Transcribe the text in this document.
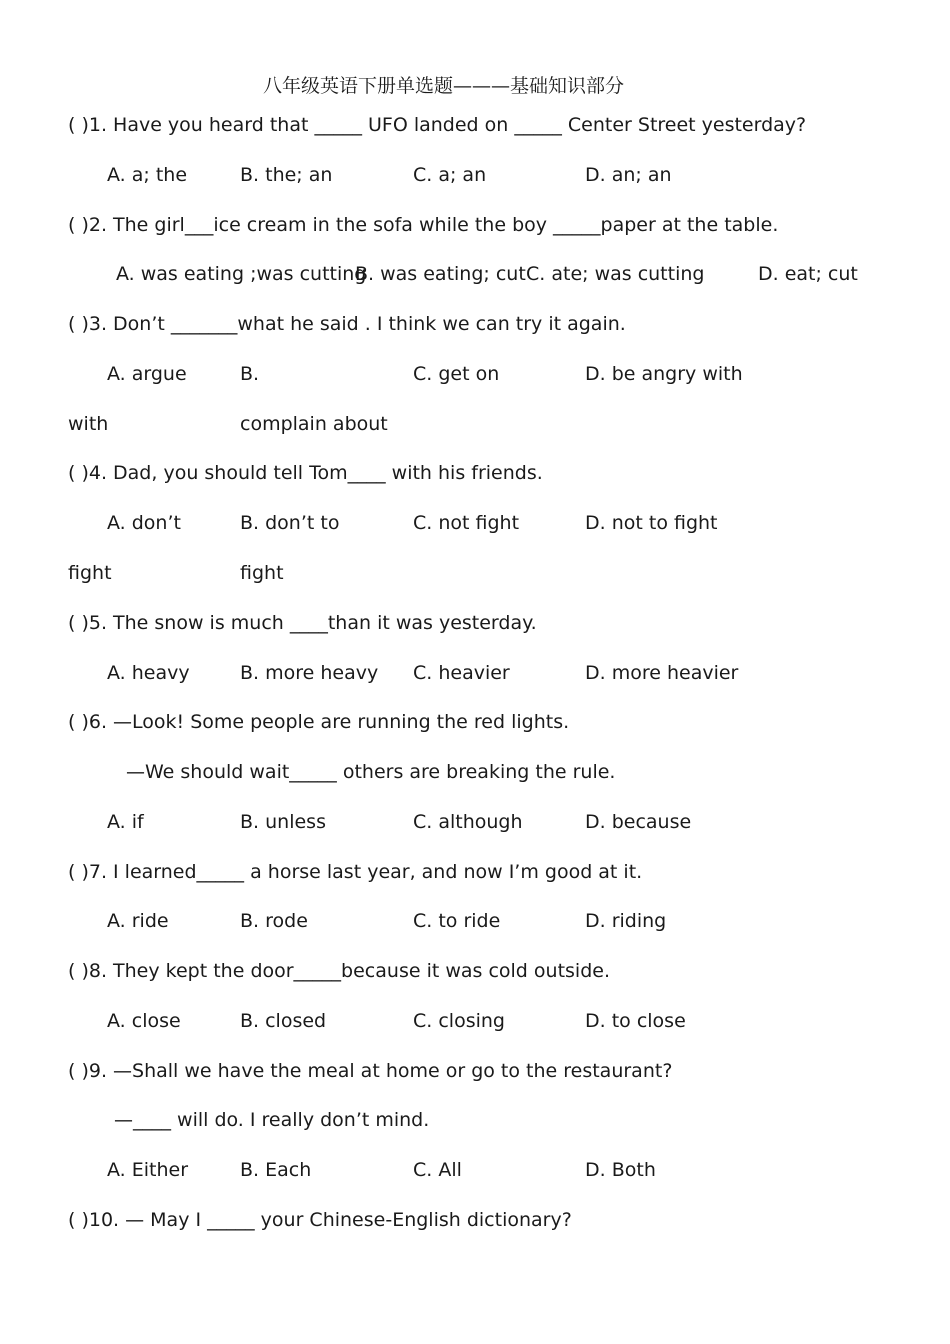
八年级英语下册单选题———基础知识部分
( )1. Have you heard that _____ UFO landed on _____ Center Street yesterday?
A. a; the	B. the; an	C. a; an	D. an; an
( )2. The girl___ice cream in the sofa while the boy _____paper at the table.
A. was eating ;was cutting
B. was eating; cut C. ate; was cutting	D. eat; cut
( )3. Don’t _______what he said . I think we can try it again.
A. argue	B.	C. get on	D. be angry with
with	complain about
( )4. Dad, you should tell Tom____ with his friends.
A. don’t	B. don’t to	C. not fight	D. not to fight
fight	fight
( )5. The snow is much ____than it was yesterday.
A. heavy	B. more heavy C. heavier	D. more heavier
( )6. —Look! Some people are running the red lights.
—We should wait_____ others are breaking the rule.
A. if	B. unless	C. although	D. because
( )7. I learned_____ a horse last year, and now I’m good at it.
A. ride	B. rode	C. to ride	D. riding
( )8. They kept the door_____because it was cold outside.
A. close	B. closed	C. closing	D. to close
( )9. —Shall we have the meal at home or go to the restaurant?
—____ will do. I really don’t mind.
A. Either	B. Each	C. All	D. Both
( )10. — May I _____ your Chinese-English dictionary?
